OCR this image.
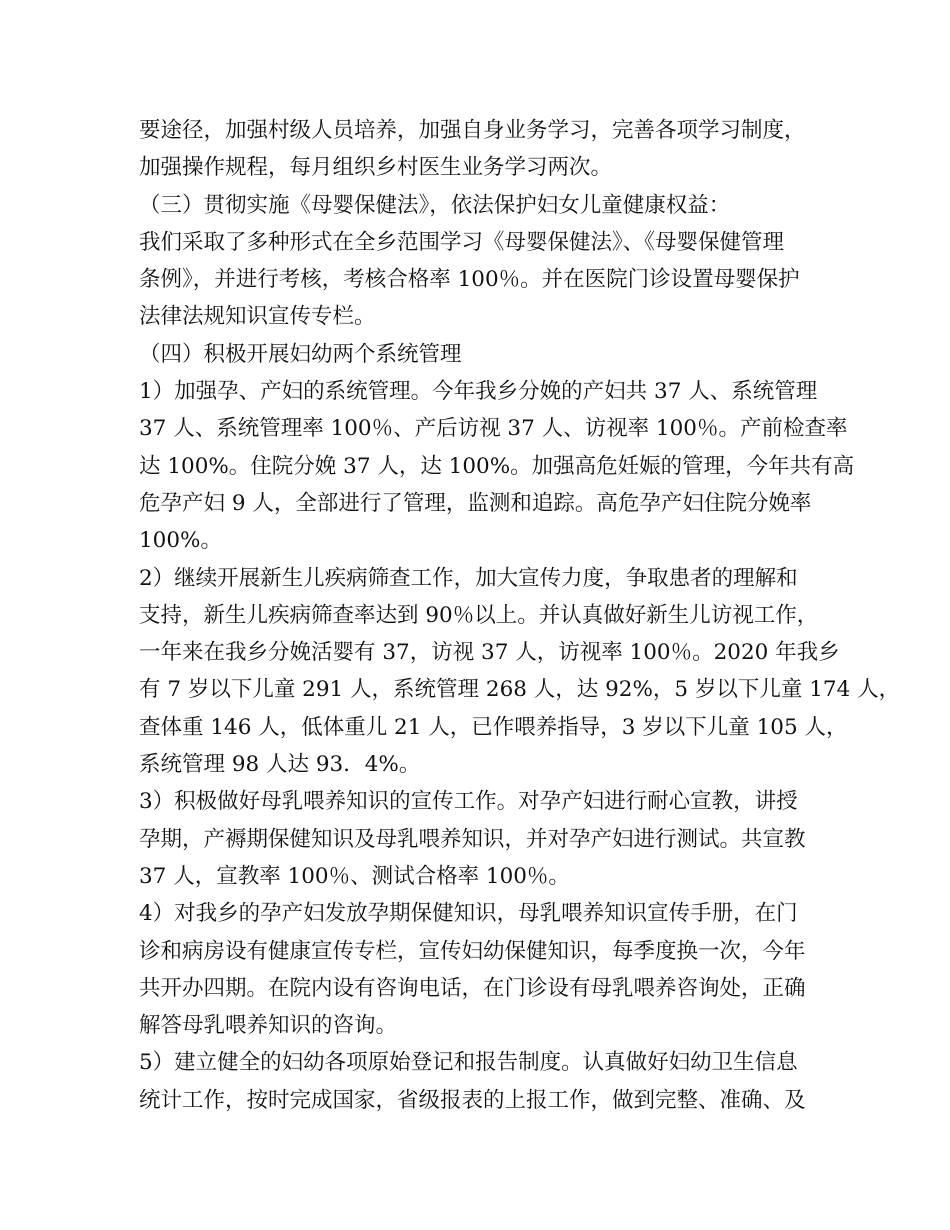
要途径，加强村级人员培养，加强自身业务学习，完善各项学习制度，
加强操作规程，每月组织乡村医生业务学习两次。
（三）贯彻实施《母婴保健法》，依法保护妇女儿童健康权益：
我们采取了多种形式在全乡范围学习《母婴保健法》、《母婴保健管理
条例》，并进行考核，考核合格率 100％。并在医院门诊设置母婴保护
法律法规知识宣传专栏。
（四）积极开展妇幼两个系统管理
1）加强孕、产妇的系统管理。今年我乡分娩的产妇共 37 人、系统管理
37 人、系统管理率 100％、产后访视 37 人、访视率 100％。产前检查率
达 100%。住院分娩 37 人，达 100%。加强高危妊娠的管理，今年共有高
危孕产妇 9 人，全部进行了管理，监测和追踪。高危孕产妇住院分娩率
100%。
2）继续开展新生儿疾病筛查工作，加大宣传力度，争取患者的理解和
支持，新生儿疾病筛查率达到 90％以上。并认真做好新生儿访视工作，
一年来在我乡分娩活婴有 37，访视 37 人，访视率 100％。2020 年我乡
有 7 岁以下儿童 291 人，系统管理 268 人，达 92%，5 岁以下儿童 174 人，
查体重 146 人，低体重儿 21 人，已作喂养指导，3 岁以下儿童 105 人，
系统管理 98 人达 93．4%。
3）积极做好母乳喂养知识的宣传工作。对孕产妇进行耐心宣教，讲授
孕期，产褥期保健知识及母乳喂养知识，并对孕产妇进行测试。共宣教
37 人，宣教率 100％、测试合格率 100％。
4）对我乡的孕产妇发放孕期保健知识，母乳喂养知识宣传手册，在门
诊和病房设有健康宣传专栏，宣传妇幼保健知识，每季度换一次，今年
共开办四期。在院内设有咨询电话，在门诊设有母乳喂养咨询处，正确
解答母乳喂养知识的咨询。
5）建立健全的妇幼各项原始登记和报告制度。认真做好妇幼卫生信息
统计工作，按时完成国家，省级报表的上报工作，做到完整、准确、及
